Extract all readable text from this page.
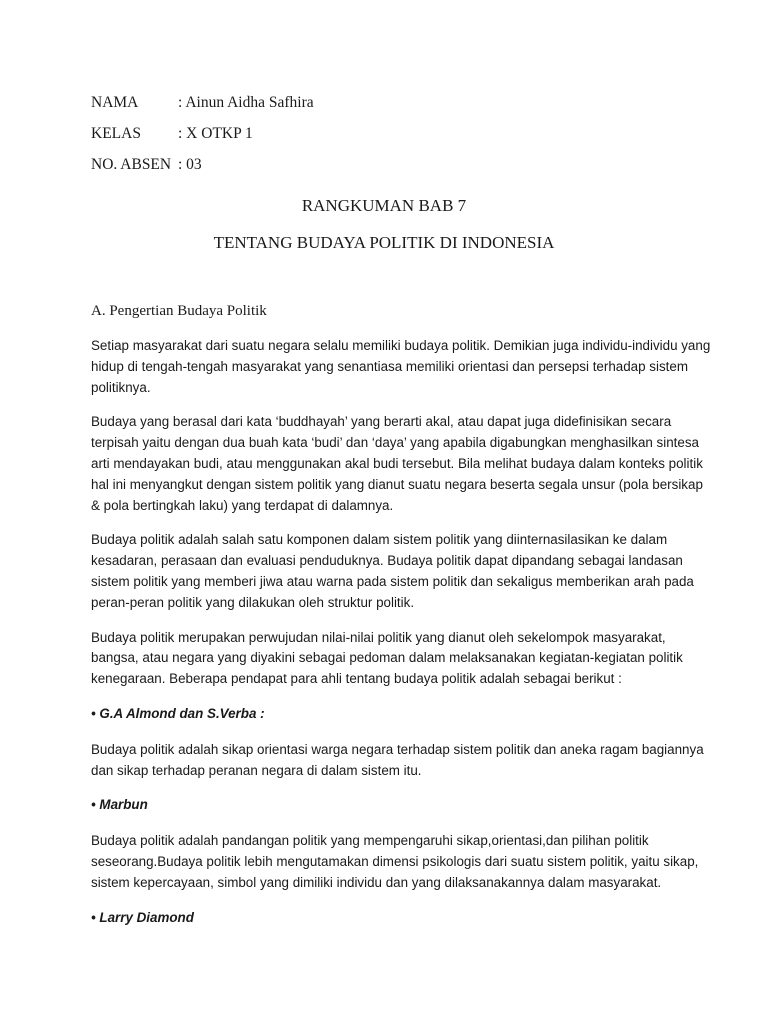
NAMA	: Ainun Aidha Safhira
KELAS	: X OTKP 1
NO. ABSEN : 03
RANGKUMAN BAB 7
TENTANG BUDAYA POLITIK DI INDONESIA
A. Pengertian Budaya Politik
Setiap masyarakat dari suatu negara selalu memiliki budaya politik. Demikian juga individu-individu yang
hidup di tengah-tengah masyarakat yang senantiasa memiliki orientasi dan persepsi terhadap sistem
politiknya.
Budaya yang berasal dari kata ‘buddhayah’ yang berarti akal, atau dapat juga didefinisikan secara
terpisah yaitu dengan dua buah kata ‘budi’ dan ‘daya’ yang apabila digabungkan menghasilkan sintesa
arti mendayakan budi, atau menggunakan akal budi tersebut. Bila melihat budaya dalam konteks politik
hal ini menyangkut dengan sistem politik yang dianut suatu negara beserta segala unsur (pola bersikap
& pola bertingkah laku) yang terdapat di dalamnya.
Budaya politik adalah salah satu komponen dalam sistem politik yang diinternasilasikan ke dalam
kesadaran, perasaan dan evaluasi penduduknya. Budaya politik dapat dipandang sebagai landasan
sistem politik yang memberi jiwa atau warna pada sistem politik dan sekaligus memberikan arah pada
peran-peran politik yang dilakukan oleh struktur politik.
Budaya politik merupakan perwujudan nilai-nilai politik yang dianut oleh sekelompok masyarakat,
bangsa, atau negara yang diyakini sebagai pedoman dalam melaksanakan kegiatan-kegiatan politik
kenegaraan. Beberapa pendapat para ahli tentang budaya politik adalah sebagai berikut :
• G.A Almond dan S.Verba :
Budaya politik adalah sikap orientasi warga negara terhadap sistem politik dan aneka ragam bagiannya
dan sikap terhadap peranan negara di dalam sistem itu.
• Marbun
Budaya politik adalah pandangan politik yang mempengaruhi sikap,orientasi,dan pilihan politik
seseorang.Budaya politik lebih mengutamakan dimensi psikologis dari suatu sistem politik, yaitu sikap,
sistem kepercayaan, simbol yang dimiliki individu dan yang dilaksanakannya dalam masyarakat.
• Larry Diamond
